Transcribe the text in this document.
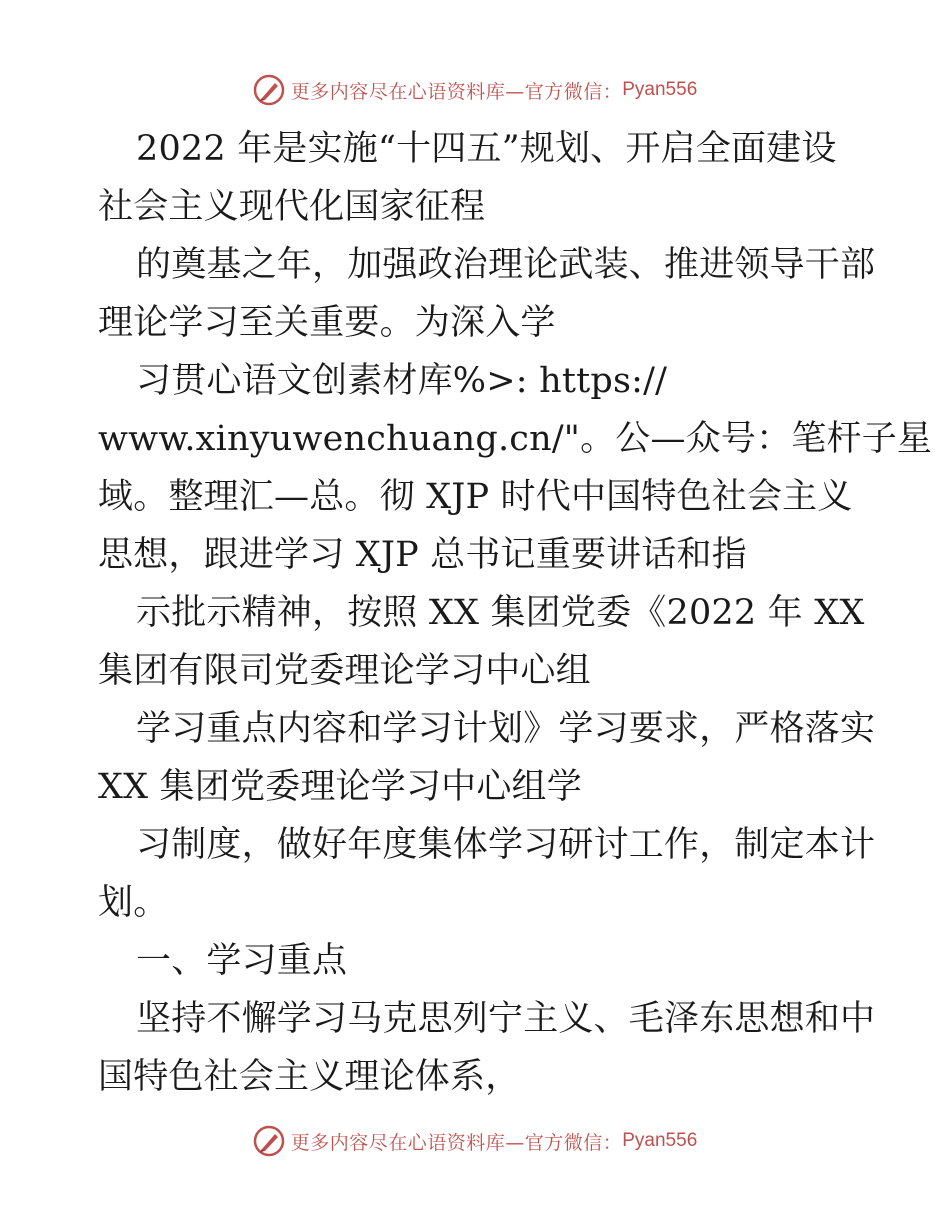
更多内容尽在心语资料库—官方微信： Pyan556
2022 年是实施“十四五”规划、开启全面建设
社会主义现代化国家征程
的奠基之年，加强政治理论武装、推进领导干部
理论学习至关重要。为深入学
习贯心语文创素材库%>: https://
www.xinyuwenchuang.cn/"。公—众号：笔杆子星
域。整理汇—总。彻 XJP 时代中国特色社会主义
思想，跟进学习 XJP 总书记重要讲话和指
示批示精神，按照 XX 集团党委《2022 年 XX
集团有限司党委理论学习中心组
学习重点内容和学习计划》学习要求，严格落实
XX 集团党委理论学习中心组学
习制度，做好年度集体学习研讨工作，制定本计
划。
一、学习重点
坚持不懈学习马克思列宁主义、毛泽东思想和中
国特色社会主义理论体系，
更多内容尽在心语资料库—官方微信： Pyan556
